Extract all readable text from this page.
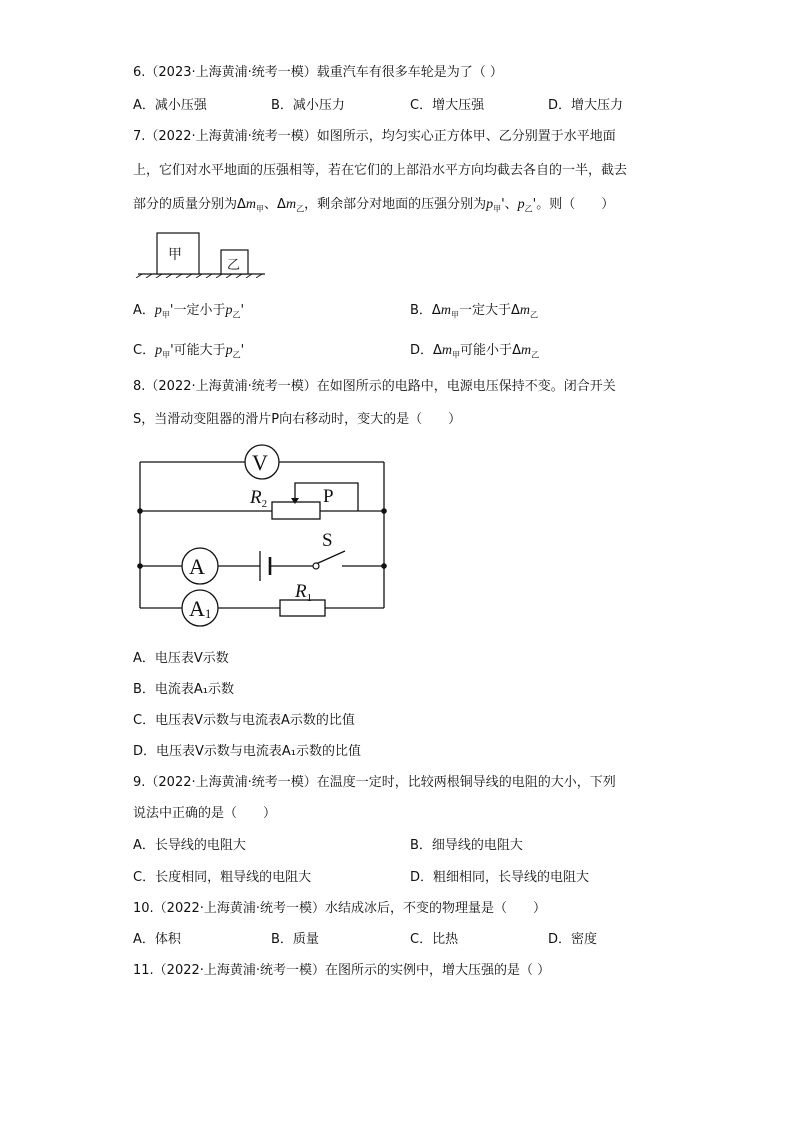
6.（2023·上海黄浦·统考一模）载重汽车有很多车轮是为了（ ）
A．减小压强	B．减小压力	C．增大压强	D．增大压力
7.（2022·上海黄浦·统考一模）如图所示，均匀实心正方体甲、乙分别置于水平地面
上，它们对水平地面的压强相等，若在它们的上部沿水平方向均截去各自的一半，截去
部分的质量分别为$\Delta m_甲$、$\Delta m_乙$，剩余部分对地面的压强分别为$p_甲'$、$p_乙'$。则（　　）
甲
乙
A．$p_甲'$一定小于$p_乙'$	B．$\Delta m_甲$一定大于$\Delta m_乙$
C．$p_甲'$可能大于$p_乙'$	D．$\Delta m_甲$可能小于$\Delta m_乙$
8.（2022·上海黄浦·统考一模）在如图所示的电路中，电源电压保持不变。闭合开关
S，当滑动变阻器的滑片P向右移动时，变大的是（　　）
V
$R_2$	P
A
S
A1
$R_1$
A．电压表V示数
B．电流表A₁示数
C．电压表V示数与电流表A示数的比值
D．电压表V示数与电流表A₁示数的比值
9.（2022·上海黄浦·统考一模）在温度一定时，比较两根铜导线的电阻的大小，下列
说法中正确的是（　　）
A．长导线的电阻大	B．细导线的电阻大
C．长度相同，粗导线的电阻大	D．粗细相同，长导线的电阻大
10.（2022·上海黄浦·统考一模）水结成冰后，不变的物理量是（　　）
A．体积	B．质量	C．比热	D．密度
11.（2022·上海黄浦·统考一模）在图所示的实例中，增大压强的是（ ）
